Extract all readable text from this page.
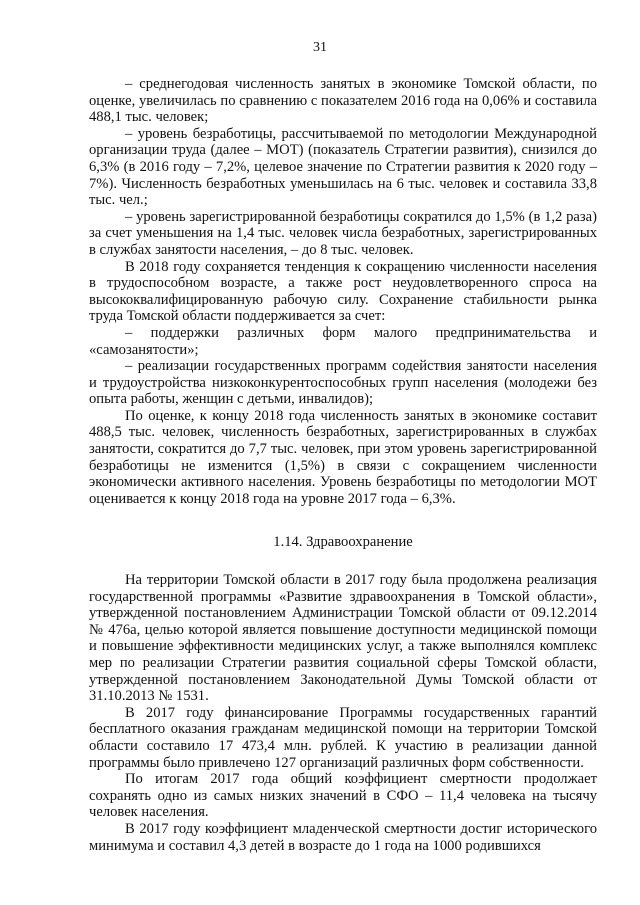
31

– среднегодовая численность занятых в экономике Томской области, по оценке, увеличилась по сравнению с показателем 2016 года на 0,06% и составила 488,1 тыс. человек;

– уровень безработицы, рассчитываемой по методологии Международной организации труда (далее – МОТ) (показатель Стратегии развития), снизился до 6,3% (в 2016 году – 7,2%, целевое значение по Стратегии развития к 2020 году – 7%). Численность безработных уменьшилась на 6 тыс. человек и составила 33,8 тыс. чел.;

– уровень зарегистрированной безработицы сократился до 1,5% (в 1,2 раза) за счет уменьшения на 1,4 тыс. человек числа безработных, зарегистрированных в службах занятости населения, – до 8 тыс. человек.

В 2018 году сохраняется тенденция к сокращению численности населения в трудоспособном возрасте, а также рост неудовлетворенного спроса на высококвалифицированную рабочую силу. Сохранение стабильности рынка труда Томской области поддерживается за счет:

– поддержки различных форм малого предпринимательства и «самозанятости»;

– реализации государственных программ содействия занятости населения и трудоустройства низкоконкурентоспособных групп населения (молодежи без опыта работы, женщин с детьми, инвалидов);

По оценке, к концу 2018 года численность занятых в экономике составит 488,5 тыс. человек, численность безработных, зарегистрированных в службах занятости, сократится до 7,7 тыс. человек, при этом уровень зарегистрированной безработицы не изменится (1,5%) в связи с сокращением численности экономически активного населения. Уровень безработицы по методологии МОТ оценивается к концу 2018 года на уровне 2017 года – 6,3%.

1.14. Здравоохранение

На территории Томской области в 2017 году была продолжена реализация государственной программы «Развитие здравоохранения в Томской области», утвержденной постановлением Администрации Томской области от 09.12.2014 № 476а, целью которой является повышение доступности медицинской помощи и повышение эффективности медицинских услуг, а также выполнялся комплекс мер по реализации Стратегии развития социальной сферы Томской области, утвержденной постановлением Законодательной Думы Томской области от 31.10.2013 № 1531.

В 2017 году финансирование Программы государственных гарантий бесплатного оказания гражданам медицинской помощи на территории Томской области составило 17 473,4 млн. рублей. К участию в реализации данной программы было привлечено 127 организаций различных форм собственности.

По итогам 2017 года общий коэффициент смертности продолжает сохранять одно из самых низких значений в СФО – 11,4 человека на тысячу человек населения.

В 2017 году коэффициент младенческой смертности достиг исторического минимума и составил 4,3 детей в возрасте до 1 года на 1000 родившихся
